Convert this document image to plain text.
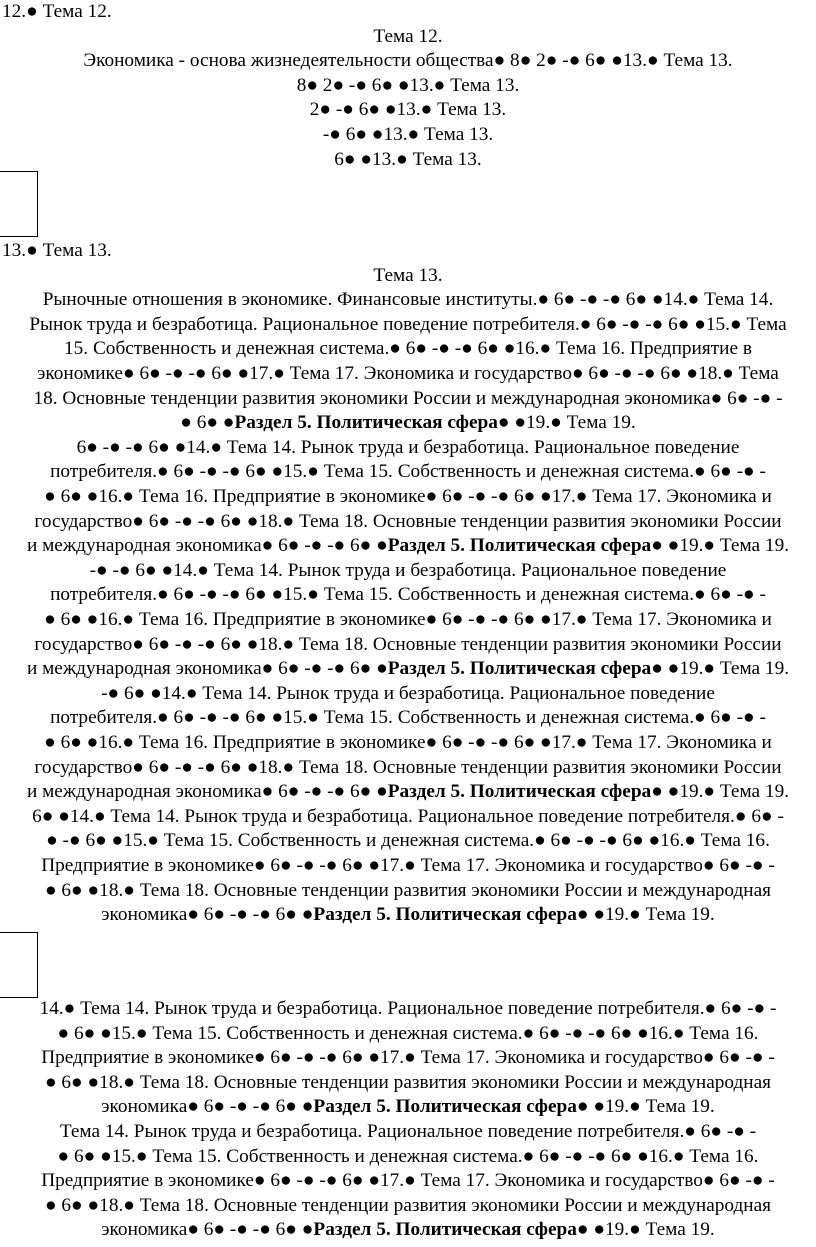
12.● Тема 12.
Тема 12.
Экономика - основа жизнедеятельности общества● 8● 2● -● 6● ●13.● Тема 13.
8● 2● -● 6● ●13.● Тема 13.
2● -● 6● ●13.● Тема 13.
-● 6● ●13.● Тема 13.
6● ●13.● Тема 13.
13.● Тема 13.
Тема 13.
Рыночные отношения в экономике. Финансовые институты.● 6● -● -● 6● ●14.● Тема 14.
Рынок труда и безработица. Рациональное поведение потребителя.● 6● -● -● 6● ●15.● Тема
15. Собственность и денежная система.● 6● -● -● 6● ●16.● Тема 16. Предприятие в
экономике● 6● -● -● 6● ●17.● Тема 17. Экономика и государство● 6● -● -● 6● ●18.● Тема
18. Основные тенденции развития экономики России и международная экономика● 6● -● -
● 6● ●Раздел 5. Политическая сфера● ●19.● Тема 19.
6● -● -● 6● ●14.● Тема 14. Рынок труда и безработица. Рациональное поведение
потребителя.● 6● -● -● 6● ●15.● Тема 15. Собственность и денежная система.● 6● -● -
● 6● ●16.● Тема 16. Предприятие в экономике● 6● -● -● 6● ●17.● Тема 17. Экономика и
государство● 6● -● -● 6● ●18.● Тема 18. Основные тенденции развития экономики России
и международная экономика● 6● -● -● 6● ●Раздел 5. Политическая сфера● ●19.● Тема 19.
-● -● 6● ●14.● Тема 14. Рынок труда и безработица. Рациональное поведение
потребителя.● 6● -● -● 6● ●15.● Тема 15. Собственность и денежная система.● 6● -● -
● 6● ●16.● Тема 16. Предприятие в экономике● 6● -● -● 6● ●17.● Тема 17. Экономика и
государство● 6● -● -● 6● ●18.● Тема 18. Основные тенденции развития экономики России
и международная экономика● 6● -● -● 6● ●Раздел 5. Политическая сфера● ●19.● Тема 19.
-● 6● ●14.● Тема 14. Рынок труда и безработица. Рациональное поведение
потребителя.● 6● -● -● 6● ●15.● Тема 15. Собственность и денежная система.● 6● -● -
● 6● ●16.● Тема 16. Предприятие в экономике● 6● -● -● 6● ●17.● Тема 17. Экономика и
государство● 6● -● -● 6● ●18.● Тема 18. Основные тенденции развития экономики России
и международная экономика● 6● -● -● 6● ●Раздел 5. Политическая сфера● ●19.● Тема 19.
6● ●14.● Тема 14. Рынок труда и безработица. Рациональное поведение потребителя.● 6● -
● -● 6● ●15.● Тема 15. Собственность и денежная система.● 6● -● -● 6● ●16.● Тема 16.
Предприятие в экономике● 6● -● -● 6● ●17.● Тема 17. Экономика и государство● 6● -● -
● 6● ●18.● Тема 18. Основные тенденции развития экономики России и международная
экономика● 6● -● -● 6● ●Раздел 5. Политическая сфера● ●19.● Тема 19.
14.● Тема 14. Рынок труда и безработица. Рациональное поведение потребителя.● 6● -● -
● 6● ●15.● Тема 15. Собственность и денежная система.● 6● -● -● 6● ●16.● Тема 16.
Предприятие в экономике● 6● -● -● 6● ●17.● Тема 17. Экономика и государство● 6● -● -
● 6● ●18.● Тема 18. Основные тенденции развития экономики России и международная
экономика● 6● -● -● 6● ●Раздел 5. Политическая сфера● ●19.● Тема 19.
Тема 14. Рынок труда и безработица. Рациональное поведение потребителя.● 6● -● -
● 6● ●15.● Тема 15. Собственность и денежная система.● 6● -● -● 6● ●16.● Тема 16.
Предприятие в экономике● 6● -● -● 6● ●17.● Тема 17. Экономика и государство● 6● -● -
● 6● ●18.● Тема 18. Основные тенденции развития экономики России и международная
экономика● 6● -● -● 6● ●Раздел 5. Политическая сфера● ●19.● Тема 19.
